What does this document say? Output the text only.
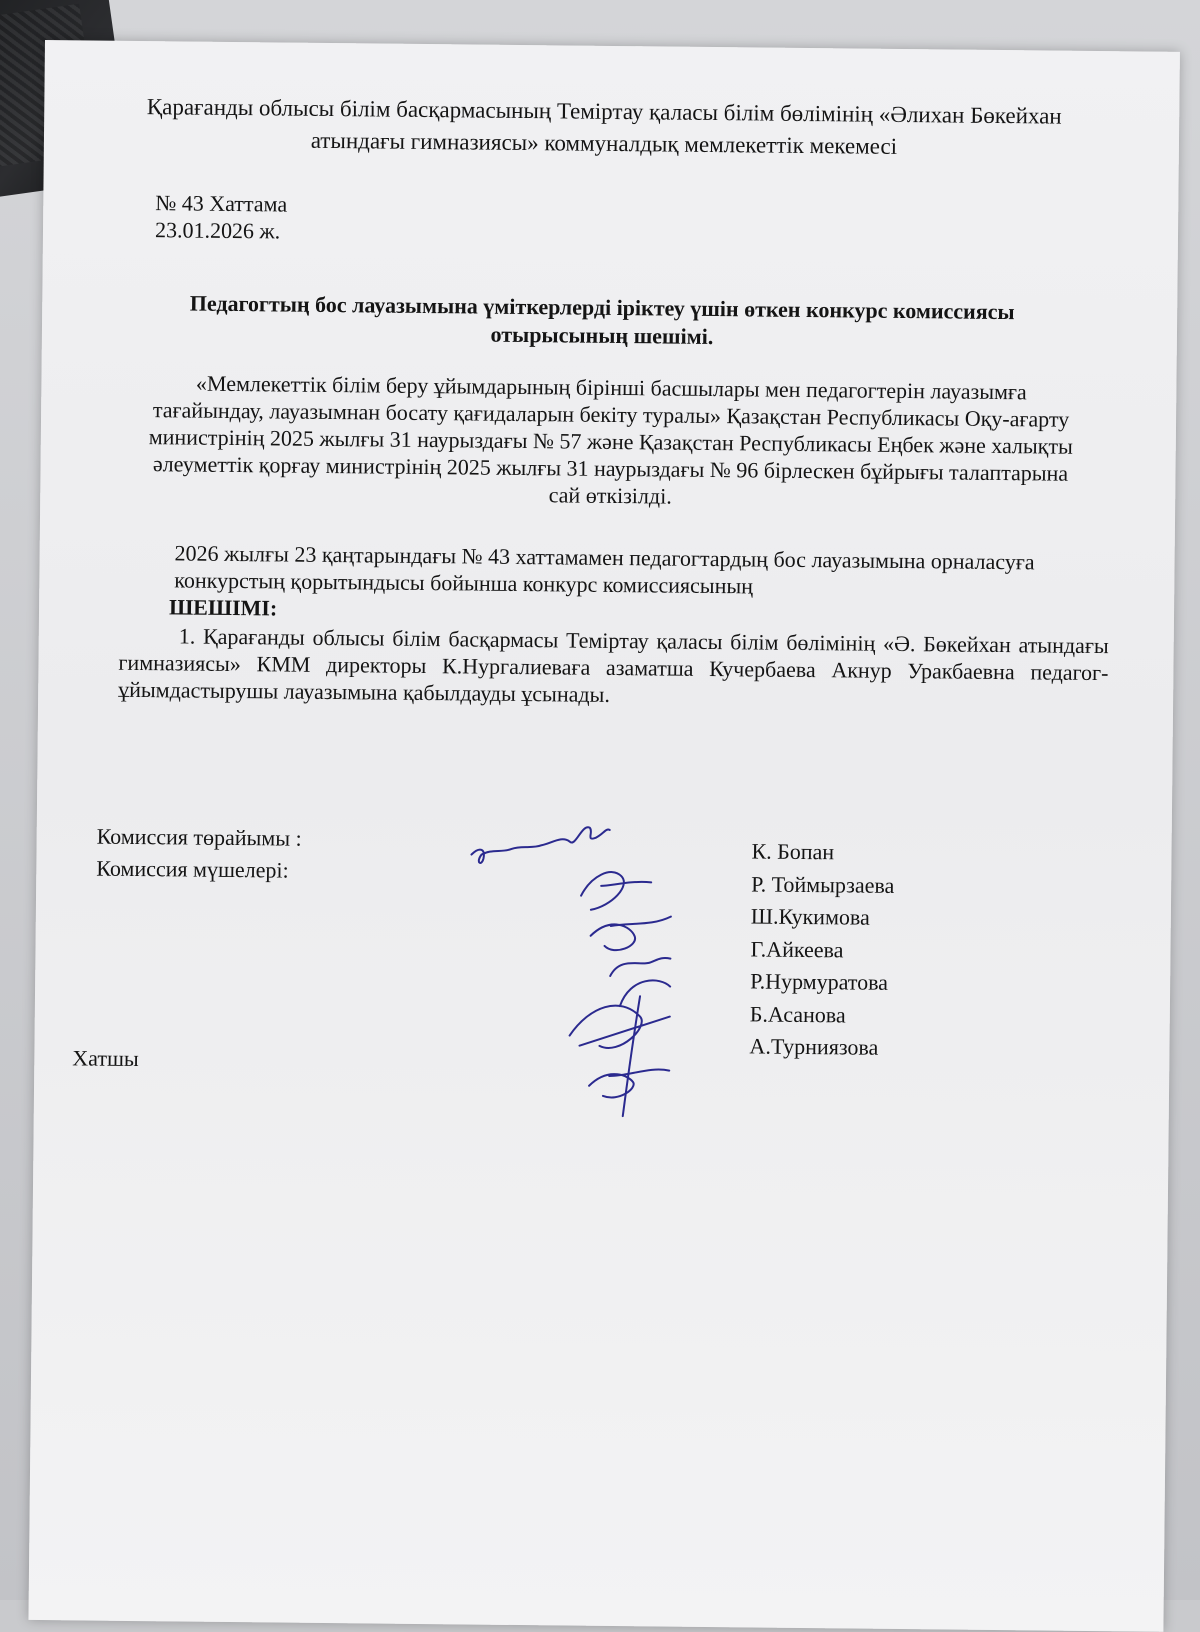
Қарағанды облысы білім басқармасының Теміртау қаласы білім бөлімінің «Әлихан Бөкейхан атындағы гимназиясы» коммуналдық мемлекеттік мекемесі
№ 43 Хаттама
23.01.2026 ж.
Педагогтың бос лауазымына үміткерлерді іріктеу үшін өткен конкурс комиссиясы отырысының шешімі.
«Мемлекеттік білім беру ұйымдарының бірінші басшылары мен педагогтерін лауазымға тағайындау, лауазымнан босату қағидаларын бекіту туралы» Қазақстан Республикасы Оқу-ағарту министрінің 2025 жылғы 31 наурыздағы № 57 және Қазақстан Республикасы Еңбек және халықты әлеуметтік қорғау министрінің 2025 жылғы 31 наурыздағы № 96 бірлескен бұйрығы талаптарына сай өткізілді.
2026 жылғы 23 қаңтарындағы № 43 хаттамамен педагогтардың бос лауазымына орналасуға конкурстың қорытындысы бойынша конкурс комиссиясының
ШЕШІМІ:
1. Қарағанды облысы білім басқармасы Теміртау қаласы білім бөлімінің «Ә. Бөкейхан атындағы гимназиясы» КММ директоры К.Нургалиеваға азаматша Кучербаева Акнур Уракбаевна педагог-ұйымдастырушы лауазымына қабылдауды ұсынады.
Комиссия төрайымы :
Комиссия мүшелері:
Хатшы
К. Бопан
Р. Тоймырзаева
Ш.Кукимова
Г.Айкеева
Р.Нурмуратова
Б.Асанова
А.Турниязова
